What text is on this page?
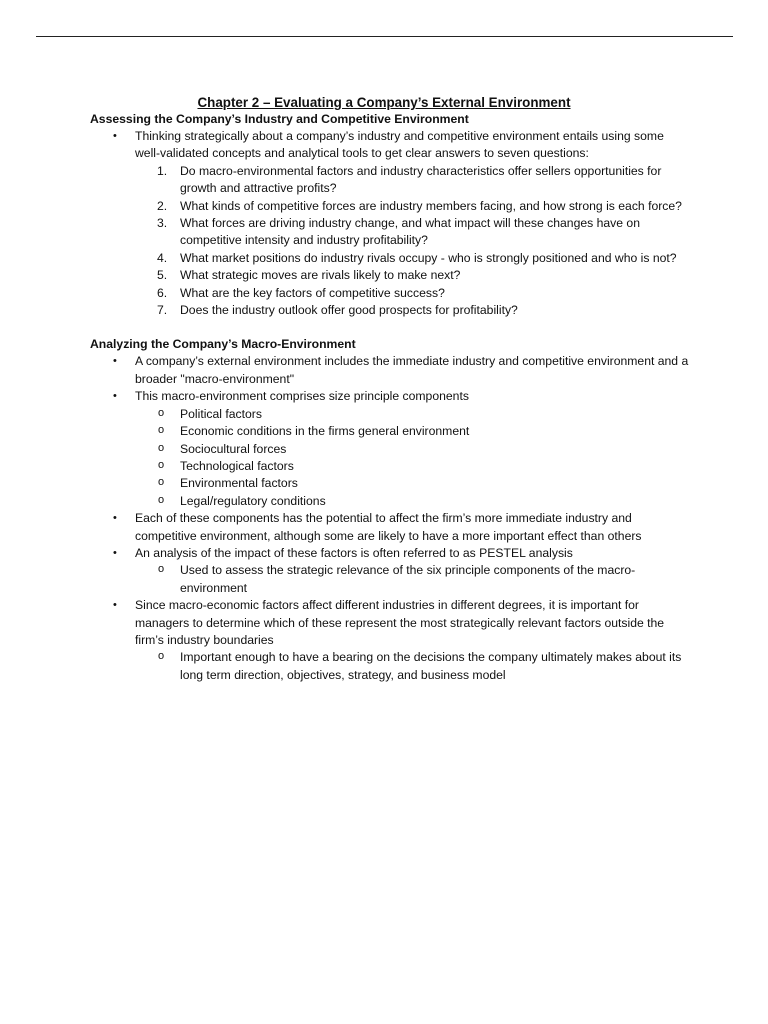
Chapter 2 – Evaluating a Company’s External Environment

Assessing the Company’s Industry and Competitive Environment

• Thinking strategically about a company’s industry and competitive environment entails using some well-validated concepts and analytical tools to get clear answers to seven questions:
1. Do macro-environmental factors and industry characteristics offer sellers opportunities for growth and attractive profits?
2. What kinds of competitive forces are industry members facing, and how strong is each force?
3. What forces are driving industry change, and what impact will these changes have on competitive intensity and industry profitability?
4. What market positions do industry rivals occupy - who is strongly positioned and who is not?
5. What strategic moves are rivals likely to make next?
6. What are the key factors of competitive success?
7. Does the industry outlook offer good prospects for profitability?

Analyzing the Company’s Macro-Environment

• A company’s external environment includes the immediate industry and competitive environment and a broader "macro-environment"
• This macro-environment comprises size principle components
o Political factors
o Economic conditions in the firms general environment
o Sociocultural forces
o Technological factors
o Environmental factors
o Legal/regulatory conditions
• Each of these components has the potential to affect the firm’s more immediate industry and competitive environment, although some are likely to have a more important effect than others
• An analysis of the impact of these factors is often referred to as PESTEL analysis
o Used to assess the strategic relevance of the six principle components of the macro-environment
• Since macro-economic factors affect different industries in different degrees, it is important for managers to determine which of these represent the most strategically relevant factors outside the firm’s industry boundaries
o Important enough to have a bearing on the decisions the company ultimately makes about its long term direction, objectives, strategy, and business model
